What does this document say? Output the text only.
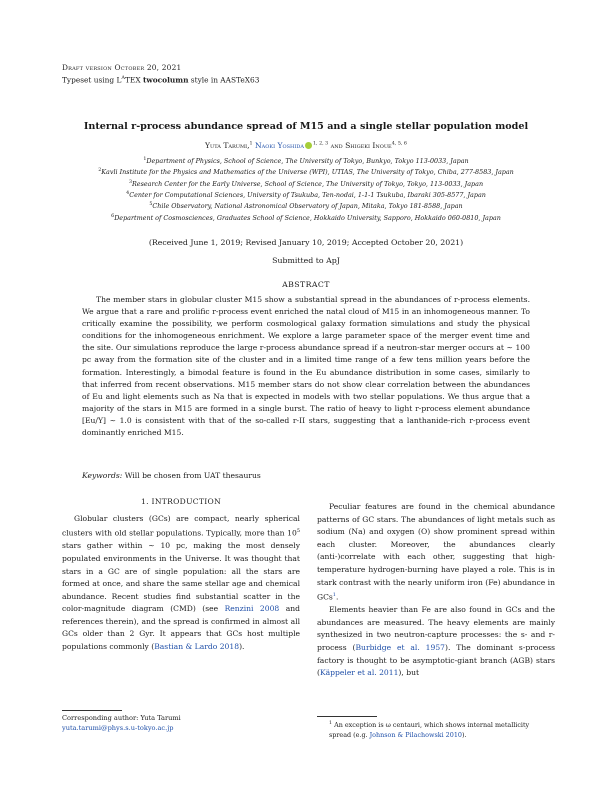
Draft version October 20, 2021
Typeset using $L^ATEX$ twocolumn style in AASTeX63
Internal r-process abundance spread of M15 and a single stellar population model
Yuta Tarumi,$^1$ Naoki Yoshida $^{1, 2, 3}$ and Shigeki Inoue$^{4, 5, 6}$
$^1$Department of Physics, School of Science, The University of Tokyo, Bunkyo, Tokyo 113-0033, Japan
$^2$Kavli Institute for the Physics and Mathematics of the Universe (WPI), UTIAS, The University of Tokyo, Chiba, 277-8583, Japan
$^3$Research Center for the Early Universe, School of Science, The University of Tokyo, Tokyo, 113-0033, Japan
$^4$Center for Computational Sciences, University of Tsukuba, Ten-nodai, 1-1-1 Tsukuba, Ibaraki 305-8577, Japan
$^5$Chile Observatory, National Astronomical Observatory of Japan, Mitaka, Tokyo 181-8588, Japan
$^6$Department of Cosmosciences, Graduates School of Science, Hokkaido University, Sapporo, Hokkaido 060-0810, Japan
(Received June 1, 2019; Revised January 10, 2019; Accepted October 20, 2021)
Submitted to ApJ
ABSTRACT
The member stars in globular cluster M15 show a substantial spread in the abundances of r-process elements. We argue that a rare and prolific r-process event enriched the natal cloud of M15 in an inhomogeneous manner. To critically examine the possibility, we perform cosmological galaxy formation simulations and study the physical conditions for the inhomogeneous enrichment. We explore a large parameter space of the merger event time and the site. Our simulations reproduce the large r-process abundance spread if a neutron-star merger occurs at ∼ 100 pc away from the formation site of the cluster and in a limited time range of a few tens million years before the formation. Interestingly, a bimodal feature is found in the Eu abundance distribution in some cases, similarly to that inferred from recent observations. M15 member stars do not show clear correlation between the abundances of Eu and light elements such as Na that is expected in models with two stellar populations. We thus argue that a majority of the stars in M15 are formed in a single burst. The ratio of heavy to light r-process element abundance [Eu/Y] ∼ 1.0 is consistent with that of the so-called r-II stars, suggesting that a lanthanide-rich r-process event dominantly enriched M15.
Keywords: Will be chosen from UAT thesaurus
1. INTRODUCTION

Globular clusters (GCs) are compact, nearly spherical clusters with old stellar populations. Typically, more than $10^5$ stars gather within ∼ 10 pc, making the most densely populated environments in the Universe. It was thought that stars in a GC are of single population: all the stars are formed at once, and share the same stellar age and chemical abundance. Recent studies find substantial scatter in the color-magnitude diagram (CMD) (see Renzini 2008 and references therein), and the spread is confirmed in almost all GCs older than 2 Gyr. It appears that GCs host multiple populations commonly (Bastian & Lardo 2018).

Peculiar features are found in the chemical abundance patterns of GC stars. The abundances of light metals such as sodium (Na) and oxygen (O) show prominent spread within each cluster. Moreover, the abundances clearly (anti-)correlate with each other, suggesting that high-temperature hydrogen-burning have played a role. This is in stark contrast with the nearly uniform iron (Fe) abundance in GCs$^1$.

Elements heavier than Fe are also found in GCs and the abundances are measured. The heavy elements are mainly synthesized in two neutron-capture processes: the s- and r-process (Burbidge et al. 1957). The dominant s-process factory is thought to be asymptotic-giant branch (AGB) stars (Käppeler et al. 2011), but

Corresponding author: Yuta Tarumi
yuta.tarumi@phys.s.u-tokyo.ac.jp
$^1$ An exception is ω centauri, which shows internal metallicity spread (e.g. Johnson & Pilachowski 2010).
